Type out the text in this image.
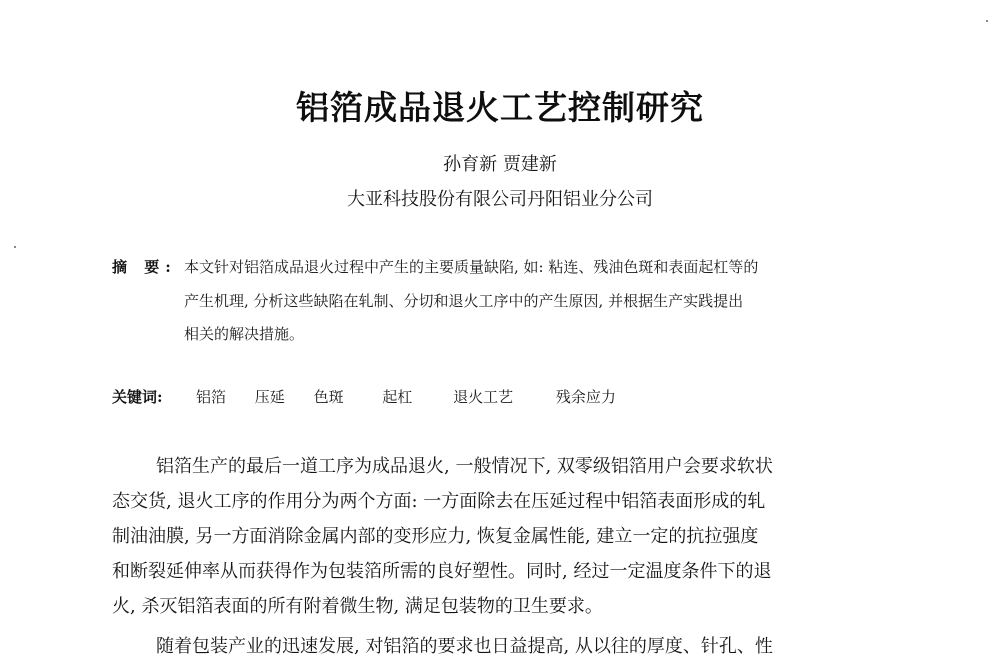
铝箔成品退火工艺控制研究
孙育新 贾建新
大亚科技股份有限公司丹阳铝业分公司
摘 要: 本文针对铝箔成品退火过程中产生的主要质量缺陷, 如: 粘连、残油色斑和表面起杠等的
产生机理, 分析这些缺陷在轧制、分切和退火工序中的产生原因, 并根据生产实践提出
相关的解决措施。
关键词: 铝箔 压延 色斑	起杠	退火工艺	残余应力
铝箔生产的最后一道工序为成品退火, 一般情况下, 双零级铝箔用户会要求软状
态交货, 退火工序的作用分为两个方面: 一方面除去在压延过程中铝箔表面形成的轧
制油油膜, 另一方面消除金属内部的变形应力, 恢复金属性能, 建立一定的抗拉强度
和断裂延伸率从而获得作为包装箔所需的良好塑性。同时, 经过一定温度条件下的退
火, 杀灭铝箔表面的所有附着微生物, 满足包装物的卫生要求。
随着包装产业的迅速发展, 对铝箔的要求也日益提高, 从以往的厚度、针孔、性
